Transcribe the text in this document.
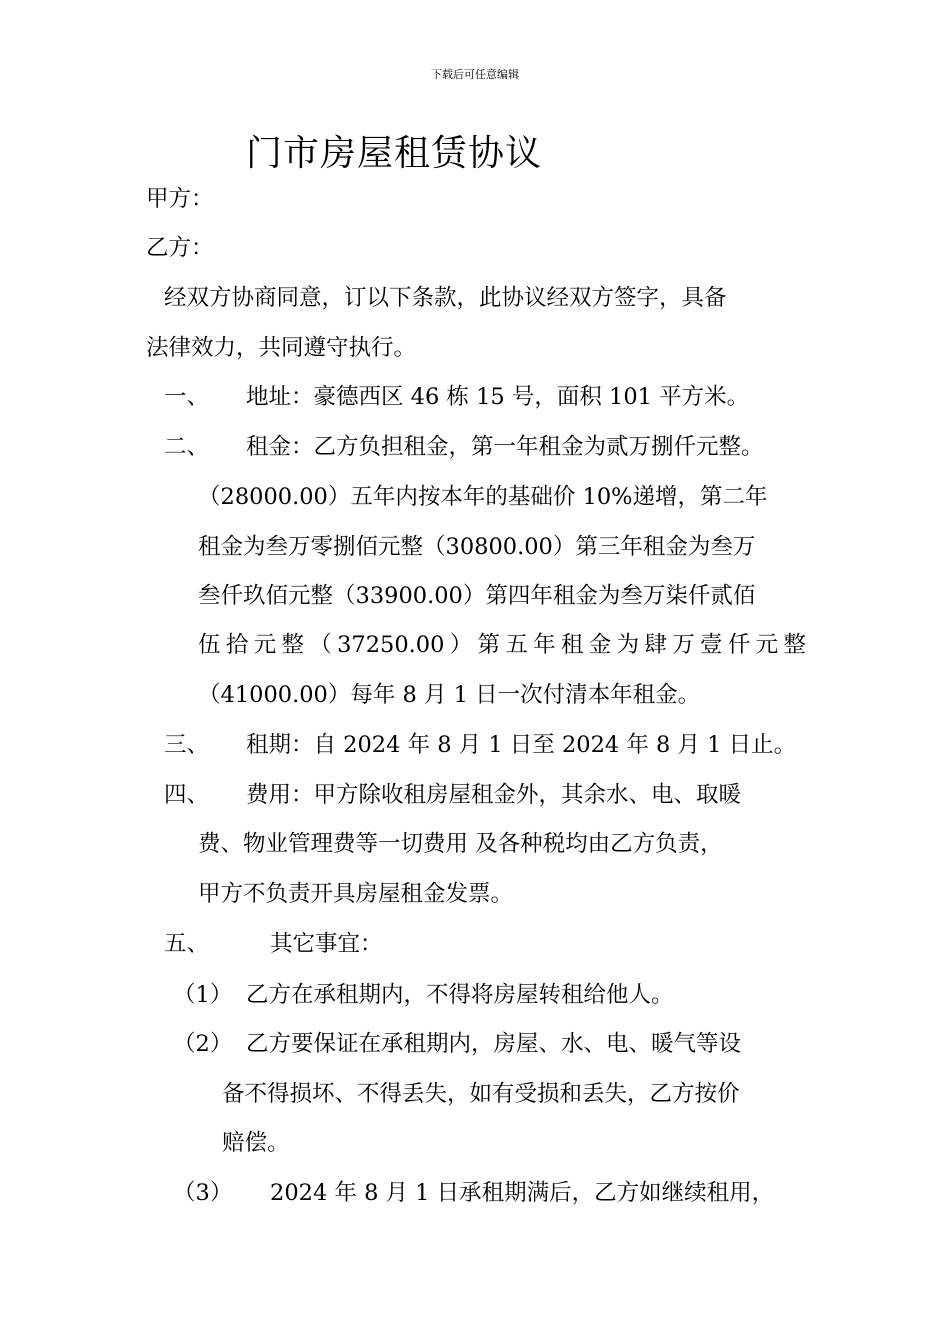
下载后可任意编辑
门市房屋租赁协议
甲方：
乙方：
经双方协商同意，订以下条款，此协议经双方签字，具备
法律效力，共同遵守执行。
一、 地址：豪德西区 46 栋 15 号，面积 101 平方米。
二、 租金：乙方负担租金，第一年租金为贰万捌仟元整。
（28000.00）五年内按本年的基础价 10%递增，第二年
租金为叁万零捌佰元整（30800.00）第三年租金为叁万
叁仟玖佰元整（33900.00）第四年租金为叁万柒仟贰佰
伍拾元整（37250.00）第五年租金为肆万壹仟元整
（41000.00）每年 8 月 1 日一次付清本年租金。
三、 租期：自 2024 年 8 月 1 日至 2024 年 8 月 1 日止。
四、 费用：甲方除收租房屋租金外，其余水、电、取暖
费、物业管理费等一切费用 及各种税均由乙方负责，
甲方不负责开具房屋租金发票。
五、	其它事宜：
（1） 乙方在承租期内，不得将房屋转租给他人。
（2） 乙方要保证在承租期内，房屋、水、电、暖气等设
备不得损坏、不得丢失，如有受损和丢失，乙方按价
赔偿。
（3） 2024 年 8 月 1 日承租期满后，乙方如继续租用，
